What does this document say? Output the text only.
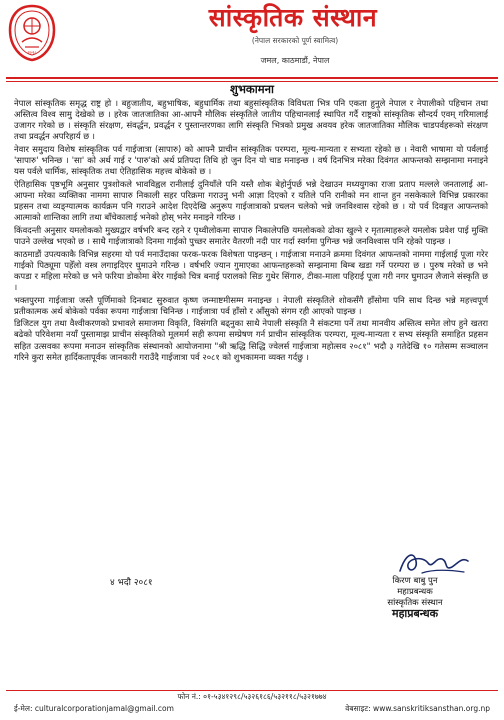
२०२८
सांस्कृतिक संस्थान
(नेपाल सरकारको पूर्ण स्वामित्व)
जमल, काठमाडौं, नेपाल
शुभकामना

नेपाल सांस्कृतिक समृद्ध राष्ट्र हो । बहुजातीय, बहुभाषिक, बहुधार्मिक तथा बहुसांस्कृतिक विविधता भित्र पनि एकता हुनुले नेपाल र नेपालीको पहिचान तथा अस्तित्व विश्व सामु देखेको छ । हरेक जातजातिका आ-आफ्नै मौलिक संस्कृतिले जातीय पहिचानलाई स्थापित गर्दै राष्ट्रको सांस्कृतिक सौन्दर्य एवम् गरिमालाई उजागर गरेको छ । संस्कृति संरक्षण, संवर्द्धन, प्रवर्द्धन र पुस्तान्तरणका लागि संस्कृति भित्रको प्रमुख अवयव हरेक जातजातिका मौलिक चाडपर्वहरूको संरक्षण तथा प्रवर्द्धन अपरिहार्य छ ।

नेवार समुदाय विशेष सांस्कृतिक पर्व गाईजात्रा (सापारु) को आफ्नै प्राचीन सांस्कृतिक परम्परा, मूल्य-मान्यता र सभ्यता रहेको छ । नेवारी भाषामा यो पर्वलाई 'सापारु' भनिन्छ । 'सा' को अर्थ गाई र 'पारु'को अर्थ प्रतिपदा तिथि हो जुन दिन यो चाड मनाइन्छ । वर्ष दिनभित्र मरेका दिवंगत आफन्तको सम्झनामा मनाइने यस पर्वले धार्मिक, सांस्कृतिक तथा ऐतिहासिक महत्त्व बोकेको छ ।

ऐतिहासिक पृष्ठभूमि अनुसार पुत्रशोकले भावविह्वल रानीलाई दुनियाँले पनि यस्तै शोक बेहोर्नुपर्छ भन्ने देखाउन मध्ययुगका राजा प्रताप मल्लले जनतालाई आ-आफ्ना मरेका व्यक्तिका नाममा सापारु निकाली सहर परिक्रमा गराउनु भनी आज्ञा दिएको र यतिले पनि रानीको मन शान्त हुन नसकेकाले विभिन्न प्रकारका प्रहसन तथा व्यङ्ग्यात्मक कार्यक्रम पनि गराउने आदेश दिएदेखि अनुरूप गाईजात्राको प्रचलन चलेको भन्ने जनविश्वास रहेको छ । यो पर्व दिवङ्गत आफन्तको आत्माको शान्तिका लागि तथा बाँचेकालाई भनेको होस् भनेर मनाइने गरिन्छ ।

किंवदन्ती अनुसार यमलोकको मुख्यद्वार वर्षभरि बन्द रहने र पृथ्वीलोकमा सापारु निकालेपछि यमलोकको ढोका खुल्ने र मृतात्माहरूले यमलोक प्रवेश पाई मुक्ति पाउने उल्लेख भएको छ । साथै गाईजात्राको दिनमा गाईको पुच्छर समातेर वैतरणी नदी पार गर्दा स्वर्गमा पुगिन्छ भन्ने जनविश्वास पनि रहेको पाइन्छ ।

काठमाडौं उपत्यकाकै विभिन्न सहरमा यो पर्व मनाउँदाका फरक-फरक विशेषता पाइन्छन् । गाईजात्रा मनाउने क्रममा दिवंगत आफन्तको नाममा गाईलाई पूजा गरेर गाईको पिठ्यूमा पहेँलो वस्त्र लगाइदिएर घुमाउने गरिन्छ । वर्षभरि ज्यान गुमाएका आफन्तहरूको सम्झनामा बिम्ब खडा गर्ने परम्परा छ । पुरुष मरेको छ भने कपडा र महिला मरेको छ भने फरिया डोकोमा बेरेर गाईको चित्र बनाई परालको सिङ गुथेर सिंगारु, टीका-माला पहिराई पूजा गरी नगर घुमाउन लैजाने संस्कृति छ ।

भक्तपुरमा गाईजात्रा जस्तै पूर्णिमाको दिनबाट सुरुवात कृष्ण जन्माष्टमीसम्म मनाइन्छ । नेपाली संस्कृतिले शोकसँगै हाँसोमा पनि साथ दिन्छ भन्ने महत्त्वपूर्ण प्रतीकात्मक अर्थ बोकेको पर्वका रूपमा गाईजात्रा चिनिन्छ । गाईजात्रा पर्व हाँसो र आँसुको संगम रही आएको पाइन्छ ।

डिजिटल युग तथा वैश्वीकरणको प्रभावले समाजमा विकृति, विसंगति बढ्नुका साथै नेपाली संस्कृति नै संकटमा पर्ने तथा मानवीय अस्तित्व समेत लोप हुने खतरा बढेको परिवेशमा नयाँ पुस्तामाझ प्राचीन संस्कृतिको मूलमर्म सही रूपमा सम्प्रेषण गर्न प्राचीन सांस्कृतिक परम्परा, मूल्य-मान्यता र सभ्य संस्कृति समाहित प्रहसन सहित उत्सवका रूपमा मनाउन सांस्कृतिक संस्थानको आयोजनामा "श्री ऋद्धि सिद्धि ज्वेलर्स गाईजात्रा महोत्सव २०८१" भदौ ३ गतेदेखि १० गतेसम्म सञ्चालन गरिने कुरा समेत हार्दिकतापूर्वक जानकारी गराउँदै गाईजात्रा पर्व २०८१ को शुभकामना व्यक्त गर्दछु ।

४ भदौ २०८१	किरण बाबु पुन
महाप्रबन्धक
सांस्कृतिक संस्थान
महाप्रबन्धक
फोन नं.: ०१-५३४१२९८/५३२६१८६/५३२११८/५३२१७७४
ई-मेल: culturalcorporationjamal@gmail.com	वेबसाइट: www.sanskritiksansthan.org.np
